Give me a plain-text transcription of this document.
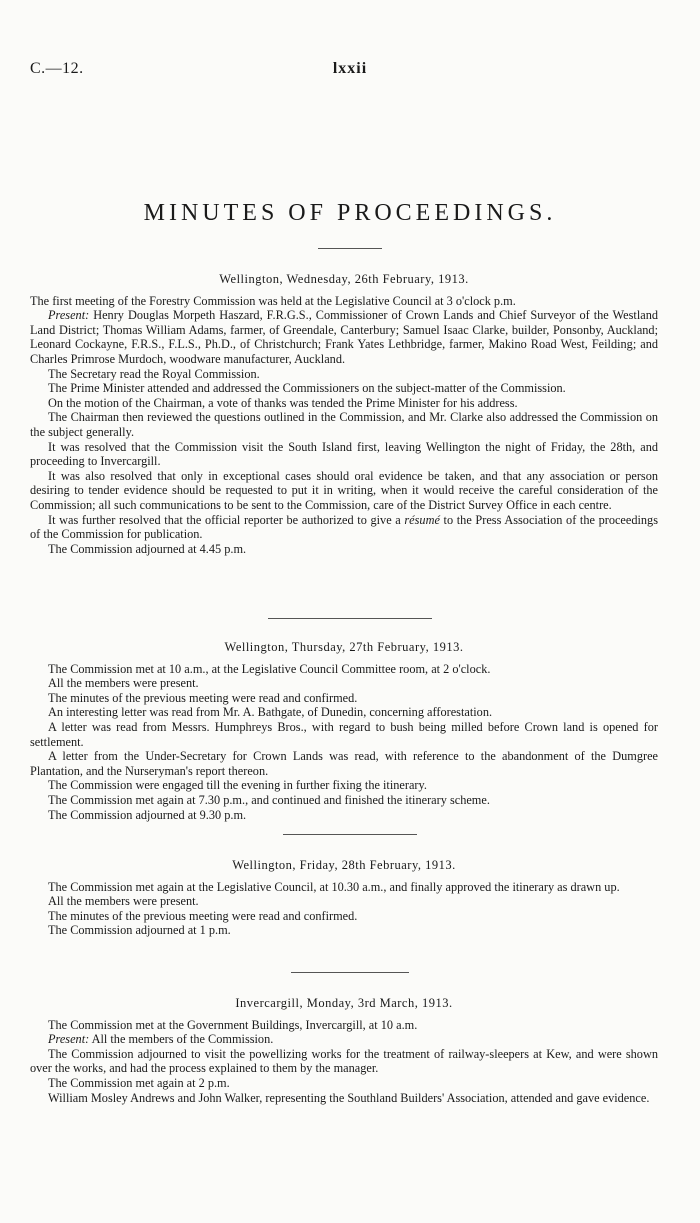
C.—12.	lxxii
MINUTES OF PROCEEDINGS.
Wellington, Wednesday, 26th February, 1913.

The first meeting of the Forestry Commission was held at the Legislative Council at 3 o'clock p.m.

Present: Henry Douglas Morpeth Haszard, F.R.G.S., Commissioner of Crown Lands and Chief Surveyor of the Westland Land District; Thomas William Adams, farmer, of Greendale, Canterbury; Samuel Isaac Clarke, builder, Ponsonby, Auckland; Leonard Cockayne, F.R.S., F.L.S., Ph.D., of Christchurch; Frank Yates Lethbridge, farmer, Makino Road West, Feilding; and Charles Primrose Murdoch, woodware manufacturer, Auckland.

The Secretary read the Royal Commission.

The Prime Minister attended and addressed the Commissioners on the subject-matter of the Commission.

On the motion of the Chairman, a vote of thanks was tended the Prime Minister for his address.

The Chairman then reviewed the questions outlined in the Commission, and Mr. Clarke also addressed the Commission on the subject generally.

It was resolved that the Commission visit the South Island first, leaving Wellington the night of Friday, the 28th, and proceeding to Invercargill.

It was also resolved that only in exceptional cases should oral evidence be taken, and that any association or person desiring to tender evidence should be requested to put it in writing, when it would receive the careful consideration of the Commission; all such communications to be sent to the Commission, care of the District Survey Office in each centre.

It was further resolved that the official reporter be authorized to give a résumé to the Press Association of the proceedings of the Commission for publication.

The Commission adjourned at 4.45 p.m.

Wellington, Thursday, 27th February, 1913.

The Commission met at 10 a.m., at the Legislative Council Committee room, at 2 o'clock.

All the members were present.

The minutes of the previous meeting were read and confirmed.

An interesting letter was read from Mr. A. Bathgate, of Dunedin, concerning afforestation.

A letter was read from Messrs. Humphreys Bros., with regard to bush being milled before Crown land is opened for settlement.

A letter from the Under-Secretary for Crown Lands was read, with reference to the abandonment of the Dumgree Plantation, and the Nurseryman's report thereon.

The Commission were engaged till the evening in further fixing the itinerary.

The Commission met again at 7.30 p.m., and continued and finished the itinerary scheme.

The Commission adjourned at 9.30 p.m.

Wellington, Friday, 28th February, 1913.

The Commission met again at the Legislative Council, at 10.30 a.m., and finally approved the itinerary as drawn up.

All the members were present.

The minutes of the previous meeting were read and confirmed.

The Commission adjourned at 1 p.m.

Invercargill, Monday, 3rd March, 1913.

The Commission met at the Government Buildings, Invercargill, at 10 a.m.

Present: All the members of the Commission.

The Commission adjourned to visit the powellizing works for the treatment of railway-sleepers at Kew, and were shown over the works, and had the process explained to them by the manager.

The Commission met again at 2 p.m.

William Mosley Andrews and John Walker, representing the Southland Builders' Association, attended and gave evidence.
